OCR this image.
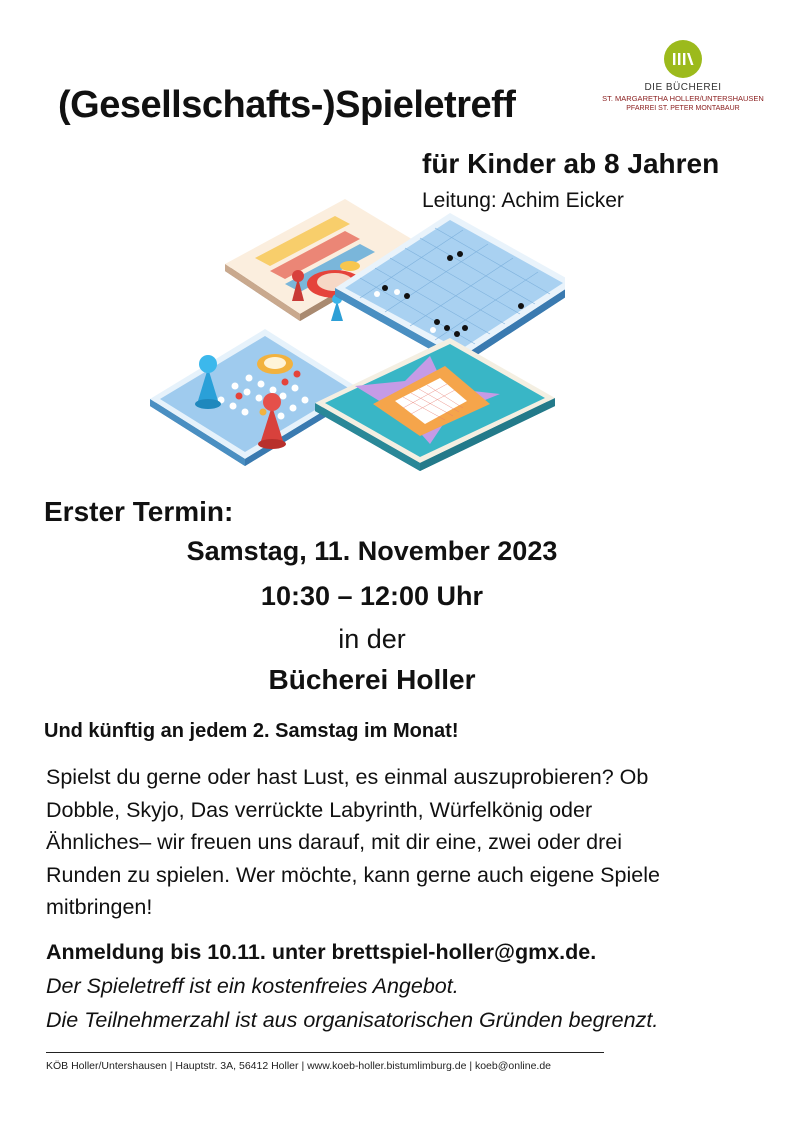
(Gesellschafts-)Spieletreff	DIE BÜCHEREI
ST. MARGARETHA HOLLER/UNTERSHAUSEN
PFARREI ST. PETER MONTABAUR
für Kinder ab 8 Jahren
Leitung: Achim Eicker
Erster Termin:
Samstag, 11. November 2023
10:30 – 12:00 Uhr
in der
Bücherei Holler
Und künftig an jedem 2. Samstag im Monat!
Spielst du gerne oder hast Lust, es einmal auszuprobieren? Ob
Dobble, Skyjo, Das verrückte Labyrinth, Würfelkönig oder
Ähnliches– wir freuen uns darauf, mit dir eine, zwei oder drei
Runden zu spielen. Wer möchte, kann gerne auch eigene Spiele
mitbringen!
Anmeldung bis 10.11. unter brettspiel-holler@gmx.de.
Der Spieletreff ist ein kostenfreies Angebot.
Die Teilnehmerzahl ist aus organisatorischen Gründen begrenzt.
KÖB Holler/Untershausen | Hauptstr. 3A, 56412 Holler | www.koeb-holler.bistumlimburg.de | koeb@online.de
